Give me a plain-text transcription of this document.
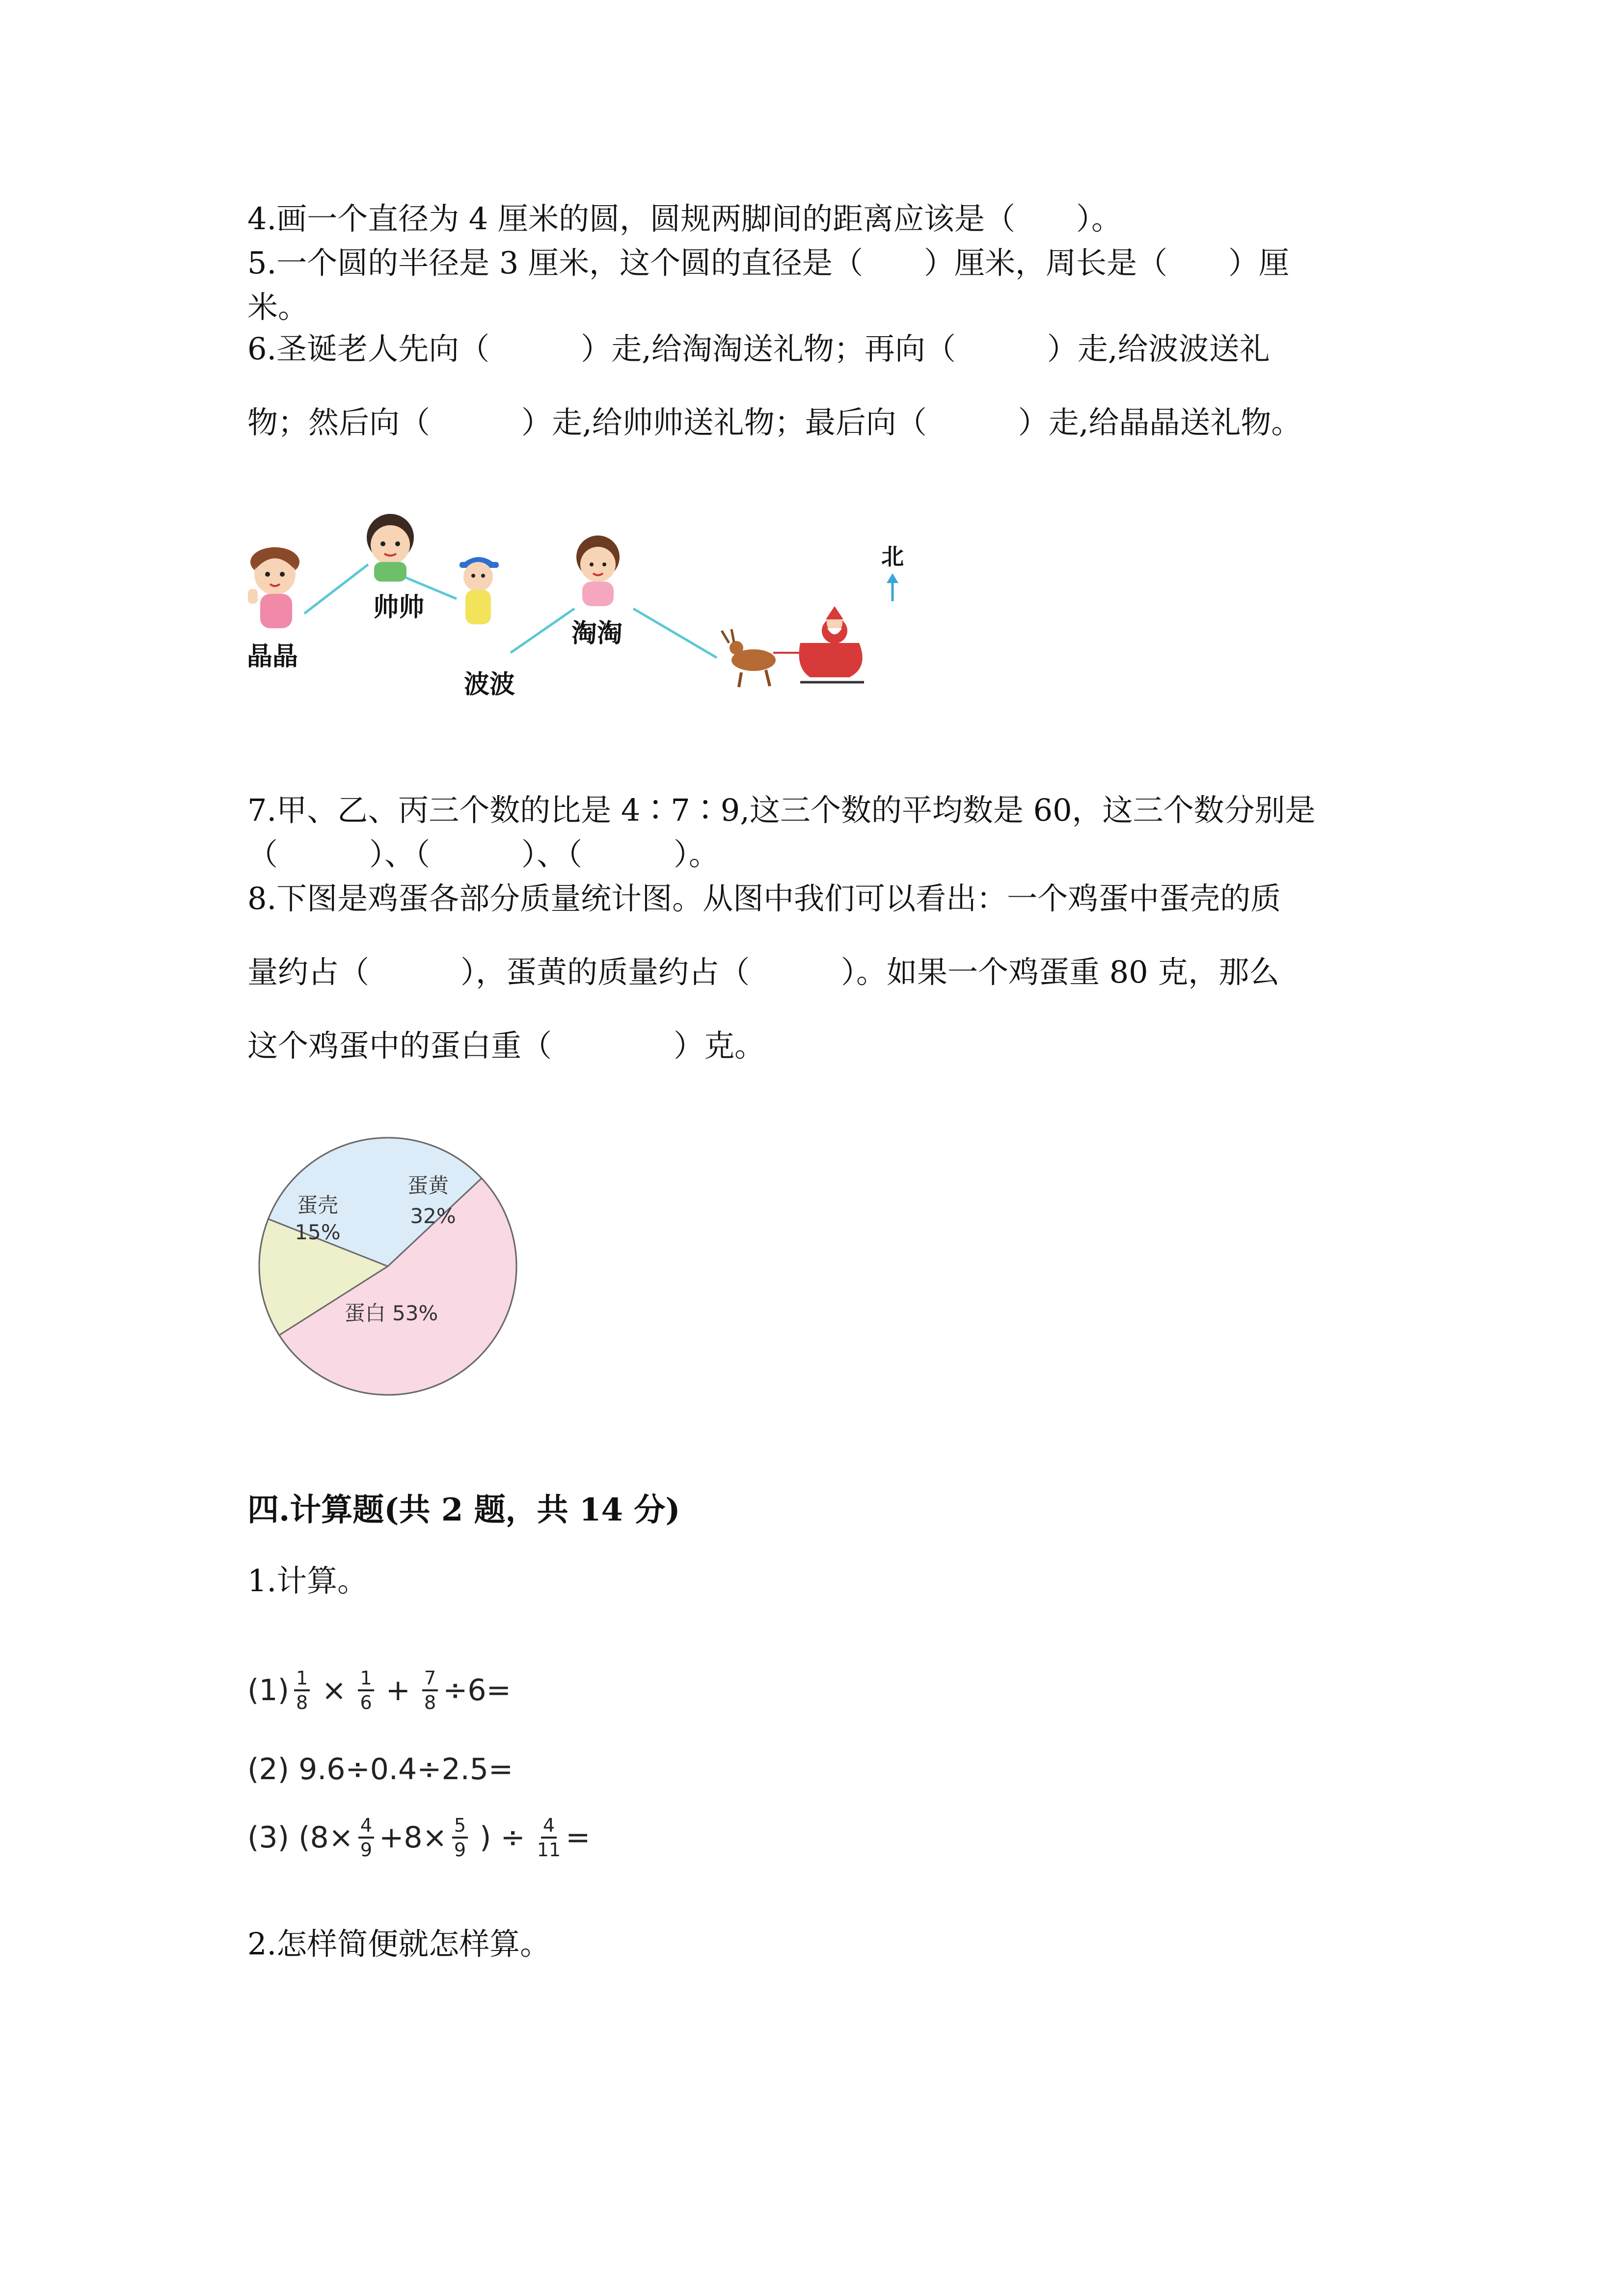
4.画一个直径为 4 厘米的圆，圆规两脚间的距离应该是（　　）。
5.一个圆的半径是 3 厘米，这个圆的直径是（　　）厘米，周长是（　　）厘
米。
6.圣诞老人先向（　　　）走,给淘淘送礼物；再向（　　　）走,给波波送礼
物；然后向（　　　）走,给帅帅送礼物；最后向（　　　）走,给晶晶送礼物。
北
晶晶
帅帅
波波
淘淘
7.甲、乙、丙三个数的比是 4∶7∶9,这三个数的平均数是 60，这三个数分别是
（　　　）、（　　　）、（　　　）。
8.下图是鸡蛋各部分质量统计图。从图中我们可以看出：一个鸡蛋中蛋壳的质
量约占（　　　），蛋黄的质量约占（　　　）。如果一个鸡蛋重 80 克，那么
这个鸡蛋中的蛋白重（　　　　）克。
蛋壳
15%
蛋黄
32%
蛋白 53%
四.计算题(共 2 题，共 14 分)
1.计算。
$(1) \frac{1}{8} \times \frac{1}{6} + \frac{7}{8} \div 6=$
(2) 9.6÷0.4÷2.5=
(3) ($8\times \frac{4}{9} +8\times \frac{5}{9}$ ) ÷ $\frac{4}{11}$ =
2.怎样简便就怎样算。
